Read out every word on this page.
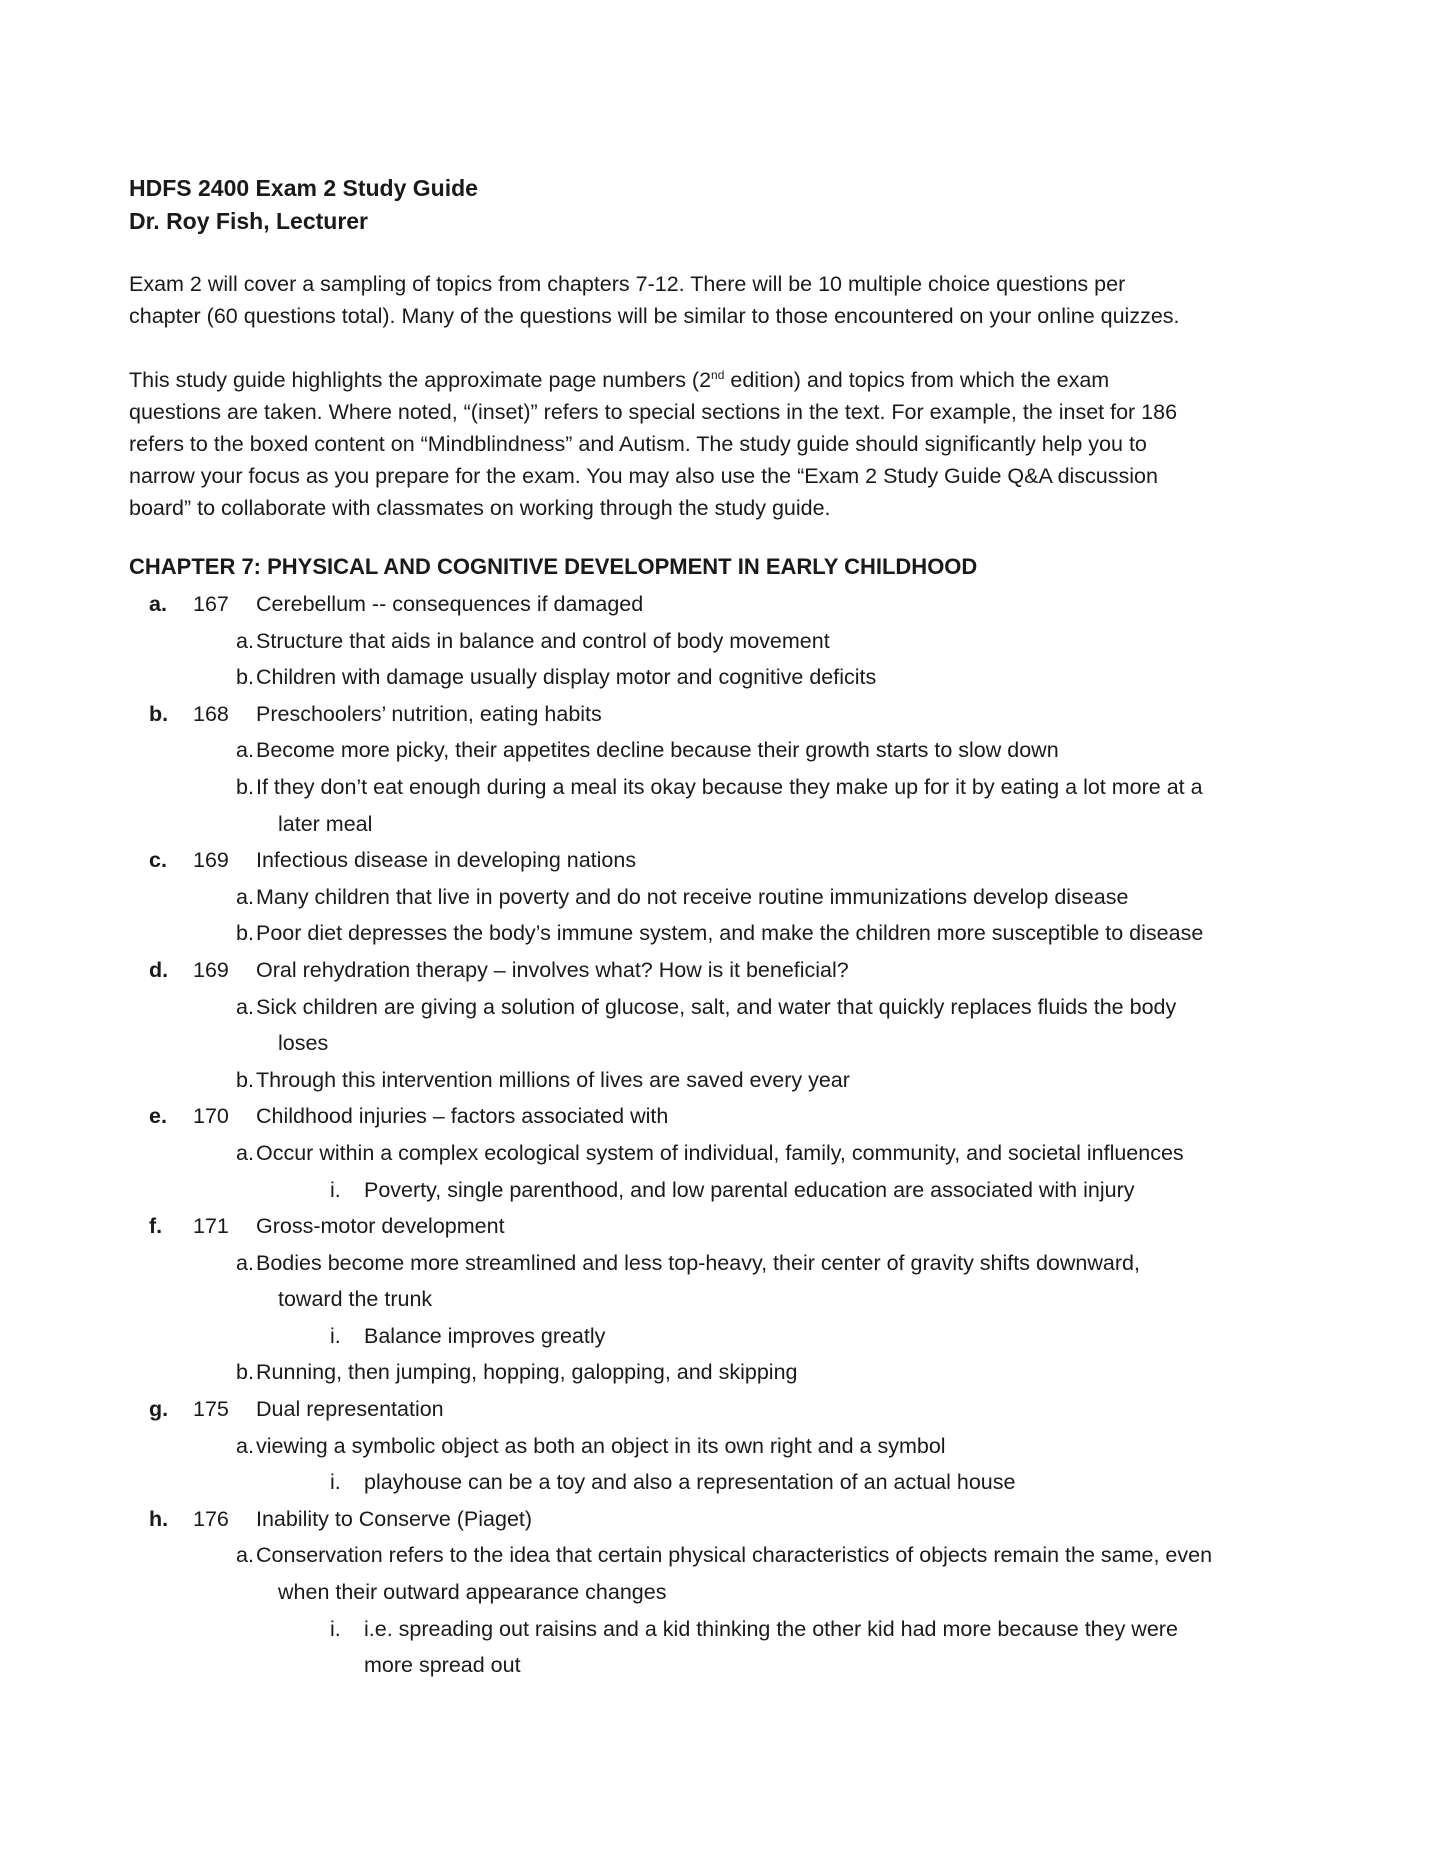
HDFS 2400 Exam 2 Study Guide
Dr. Roy Fish, Lecturer
Exam 2 will cover a sampling of topics from chapters 7-12. There will be 10 multiple choice questions per
chapter (60 questions total). Many of the questions will be similar to those encountered on your online quizzes.
This study guide highlights the approximate page numbers (2nd edition) and topics from which the exam
questions are taken. Where noted, “(inset)” refers to special sections in the text. For example, the inset for 186
refers to the boxed content on “Mindblindness” and Autism. The study guide should significantly help you to
narrow your focus as you prepare for the exam. You may also use the “Exam 2 Study Guide Q&A discussion
board” to collaborate with classmates on working through the study guide.
CHAPTER 7: PHYSICAL AND COGNITIVE DEVELOPMENT IN EARLY CHILDHOOD
a. 167 Cerebellum -- consequences if damaged
a. Structure that aids in balance and control of body movement
b. Children with damage usually display motor and cognitive deficits
b. 168 Preschoolers’ nutrition, eating habits
a. Become more picky, their appetites decline because their growth starts to slow down
b. If they don’t eat enough during a meal its okay because they make up for it by eating a lot more at a
later meal
c. 169 Infectious disease in developing nations
a. Many children that live in poverty and do not receive routine immunizations develop disease
b. Poor diet depresses the body’s immune system, and make the children more susceptible to disease
d. 169 Oral rehydration therapy – involves what? How is it beneficial?
a. Sick children are giving a solution of glucose, salt, and water that quickly replaces fluids the body
loses
b. Through this intervention millions of lives are saved every year
e. 170 Childhood injuries – factors associated with
a. Occur within a complex ecological system of individual, family, community, and societal influences
i. Poverty, single parenthood, and low parental education are associated with injury
f. 171 Gross-motor development
a. Bodies become more streamlined and less top-heavy, their center of gravity shifts downward,
toward the trunk
i. Balance improves greatly
b. Running, then jumping, hopping, galopping, and skipping
g. 175 Dual representation
a. viewing a symbolic object as both an object in its own right and a symbol
i. playhouse can be a toy and also a representation of an actual house
h. 176 Inability to Conserve (Piaget)
a. Conservation refers to the idea that certain physical characteristics of objects remain the same, even
when their outward appearance changes
i. i.e. spreading out raisins and a kid thinking the other kid had more because they were
more spread out
